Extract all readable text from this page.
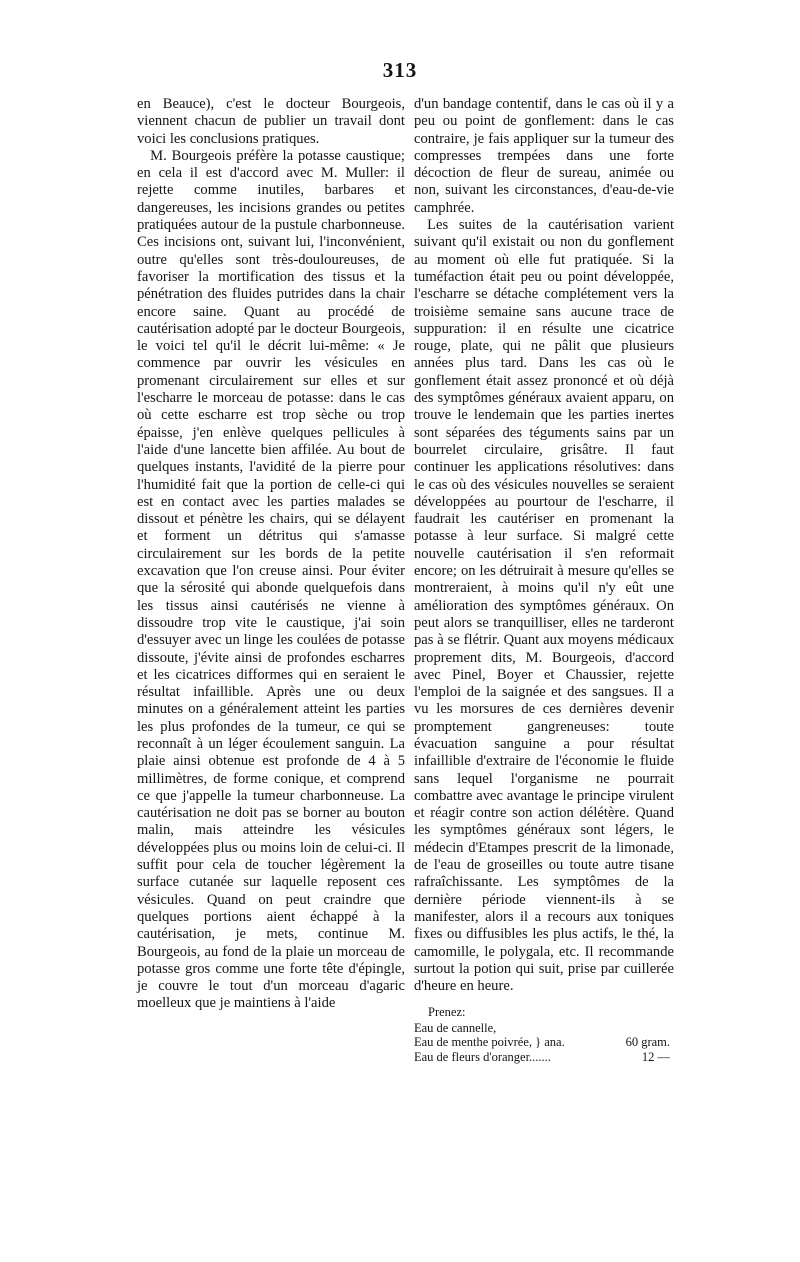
313

en Beauce), c'est le docteur Bourgeois, viennent chacun de publier un travail dont voici les conclusions pratiques.

M. Bourgeois préfère la potasse caustique; en cela il est d'accord avec M. Muller: il rejette comme inutiles, barbares et dangereuses, les incisions grandes ou petites pratiquées autour de la pustule charbonneuse. Ces incisions ont, suivant lui, l'inconvénient, outre qu'elles sont très-douloureuses, de favoriser la mortification des tissus et la pénétration des fluides putrides dans la chair encore saine. Quant au procédé de cautérisation adopté par le docteur Bourgeois, le voici tel qu'il le décrit lui-même: « Je commence par ouvrir les vésicules en promenant circulairement sur elles et sur l'escharre le morceau de potasse: dans le cas où cette escharre est trop sèche ou trop épaisse, j'en enlève quelques pellicules à l'aide d'une lancette bien affilée. Au bout de quelques instants, l'avidité de la pierre pour l'humidité fait que la portion de celle-ci qui est en contact avec les parties malades se dissout et pénètre les chairs, qui se délayent et forment un détritus qui s'amasse circulairement sur les bords de la petite excavation que l'on creuse ainsi. Pour éviter que la sérosité qui abonde quelquefois dans les tissus ainsi cautérisés ne vienne à dissoudre trop vite le caustique, j'ai soin d'essuyer avec un linge les coulées de potasse dissoute, j'évite ainsi de profondes escharres et les cicatrices difformes qui en seraient le résultat infaillible. Après une ou deux minutes on a généralement atteint les parties les plus profondes de la tumeur, ce qui se reconnaît à un léger écoulement sanguin. La plaie ainsi obtenue est profonde de 4 à 5 millimètres, de forme conique, et comprend ce que j'appelle la tumeur charbonneuse. La cautérisation ne doit pas se borner au bouton malin, mais atteindre les vésicules développées plus ou moins loin de celui-ci. Il suffit pour cela de toucher légèrement la surface cutanée sur laquelle reposent ces vésicules. Quand on peut craindre que quelques portions aient échappé à la cautérisation, je mets, continue M. Bourgeois, au fond de la plaie un morceau de potasse gros comme une forte tête d'épingle, je couvre le tout d'un morceau d'agaric moelleux que je maintiens à l'aide

d'un bandage contentif, dans le cas où il y a peu ou point de gonflement: dans le cas contraire, je fais appliquer sur la tumeur des compresses trempées dans une forte décoction de fleur de sureau, animée ou non, suivant les circonstances, d'eau-de-vie camphrée.

Les suites de la cautérisation varient suivant qu'il existait ou non du gonflement au moment où elle fut pratiquée. Si la tuméfaction était peu ou point développée, l'escharre se détache complétement vers la troisième semaine sans aucune trace de suppuration: il en résulte une cicatrice rouge, plate, qui ne pâlit que plusieurs années plus tard. Dans les cas où le gonflement était assez prononcé et où déjà des symptômes généraux avaient apparu, on trouve le lendemain que les parties inertes sont séparées des téguments sains par un bourrelet circulaire, grisâtre. Il faut continuer les applications résolutives: dans le cas où des vésicules nouvelles se seraient développées au pourtour de l'escharre, il faudrait les cautériser en promenant la potasse à leur surface. Si malgré cette nouvelle cautérisation il s'en reformait encore; on les détruirait à mesure qu'elles se montreraient, à moins qu'il n'y eût une amélioration des symptômes généraux. On peut alors se tranquilliser, elles ne tarderont pas à se flétrir. Quant aux moyens médicaux proprement dits, M. Bourgeois, d'accord avec Pinel, Boyer et Chaussier, rejette l'emploi de la saignée et des sangsues. Il a vu les morsures de ces dernières devenir promptement gangreneuses: toute évacuation sanguine a pour résultat infaillible d'extraire de l'économie le fluide sans lequel l'organisme ne pourrait combattre avec avantage le principe virulent et réagir contre son action délétère. Quand les symptômes généraux sont légers, le médecin d'Etampes prescrit de la limonade, de l'eau de groseilles ou toute autre tisane rafraîchissante. Les symptômes de la dernière période viennent-ils à se manifester, alors il a recours aux toniques fixes ou diffusibles les plus actifs, le thé, la camomille, le polygala, etc. Il recommande surtout la potion qui suit, prise par cuillerée d'heure en heure.

Prenez:
Eau de cannelle,
Eau de menthe poivrée, } ana.	60 gram.
Eau de fleurs d'oranger.......	12 —
